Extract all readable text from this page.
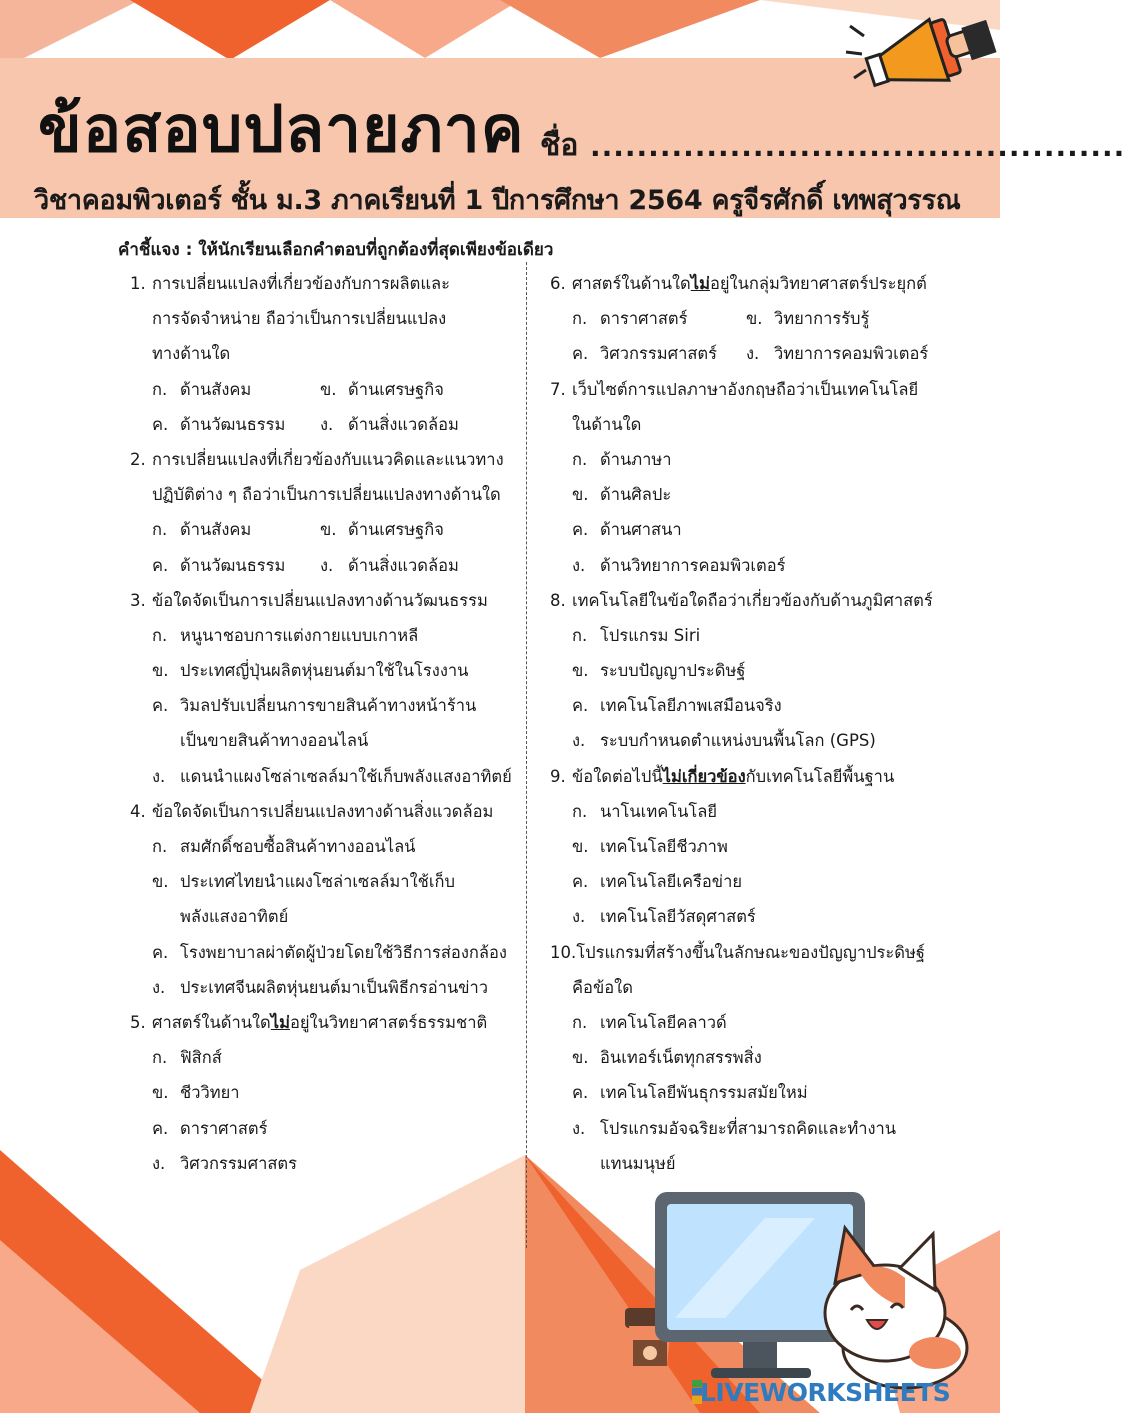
ข้อสอบปลายภาค ชื่อ ..............................................
วิชาคอมพิวเตอร์ ชั้น ม.3 ภาคเรียนที่ 1 ปีการศึกษา 2564 ครูจีรศักดิ์ เทพสุวรรณ
คำชี้แจง : ให้นักเรียนเลือกคำตอบที่ถูกต้องที่สุดเพียงข้อเดียว
1. การเปลี่ยนแปลงที่เกี่ยวข้องกับการผลิตและ
การจัดจำหน่าย ถือว่าเป็นการเปลี่ยนแปลง
ทางด้านใด
ก. ด้านสังคม	ข. ด้านเศรษฐกิจ
ค. ด้านวัฒนธรรม ง. ด้านสิ่งแวดล้อม
2. การเปลี่ยนแปลงที่เกี่ยวข้องกับแนวคิดและแนวทาง
ปฏิบัติต่าง ๆ ถือว่าเป็นการเปลี่ยนแปลงทางด้านใด
ก. ด้านสังคม	ข. ด้านเศรษฐกิจ
ค. ด้านวัฒนธรรม ง. ด้านสิ่งแวดล้อม
3. ข้อใดจัดเป็นการเปลี่ยนแปลงทางด้านวัฒนธรรม
ก. หนูนาชอบการแต่งกายแบบเกาหลี
ข. ประเทศญี่ปุ่นผลิตหุ่นยนต์มาใช้ในโรงงาน
ค. วิมลปรับเปลี่ยนการขายสินค้าทางหน้าร้าน
เป็นขายสินค้าทางออนไลน์
ง. แดนนำแผงโซล่าเซลล์มาใช้เก็บพลังแสงอาทิตย์
4. ข้อใดจัดเป็นการเปลี่ยนแปลงทางด้านสิ่งแวดล้อม
ก. สมศักดิ์ชอบซื้อสินค้าทางออนไลน์
ข. ประเทศไทยนำแผงโซล่าเซลล์มาใช้เก็บ
พลังแสงอาทิตย์
ค. โรงพยาบาลผ่าตัดผู้ป่วยโดยใช้วิธีการส่องกล้อง
ง. ประเทศจีนผลิตหุ่นยนต์มาเป็นพิธีกรอ่านข่าว
5. ศาสตร์ในด้านใดไม่อยู่ในวิทยาศาสตร์ธรรมชาติ
ก. ฟิสิกส์
ข. ชีววิทยา
ค. ดาราศาสตร์
ง. วิศวกรรมศาสตร
6. ศาสตร์ในด้านใดไม่อยู่ในกลุ่มวิทยาศาสตร์ประยุกต์
ก. ดาราศาสตร์	ข. วิทยาการรับรู้
ค. วิศวกรรมศาสตร์ ง. วิทยาการคอมพิวเตอร์
7. เว็บไซต์การแปลภาษาอังกฤษถือว่าเป็นเทคโนโลยี
ในด้านใด
ก. ด้านภาษา
ข. ด้านศิลปะ
ค. ด้านศาสนา
ง. ด้านวิทยาการคอมพิวเตอร์
8. เทคโนโลยีในข้อใดถือว่าเกี่ยวข้องกับด้านภูมิศาสตร์
ก. โปรแกรม Siri
ข. ระบบปัญญาประดิษฐ์
ค. เทคโนโลยีภาพเสมือนจริง
ง. ระบบกำหนดตำแหน่งบนพื้นโลก (GPS)
9. ข้อใดต่อไปนี้ไม่เกี่ยวข้องกับเทคโนโลยีพื้นฐาน
ก. นาโนเทคโนโลยี
ข. เทคโนโลยีชีวภาพ
ค. เทคโนโลยีเครือข่าย
ง. เทคโนโลยีวัสดุศาสตร์
10.โปรแกรมที่สร้างขึ้นในลักษณะของปัญญาประดิษฐ์
คือข้อใด
ก. เทคโนโลยีคลาวด์
ข. อินเทอร์เน็ตทุกสรรพสิ่ง
ค. เทคโนโลยีพันธุกรรมสมัยใหม่
ง. โปรแกรมอัจฉริยะที่สามารถคิดและทำงาน
แทนมนุษย์
LIVEWORKSHEETS
